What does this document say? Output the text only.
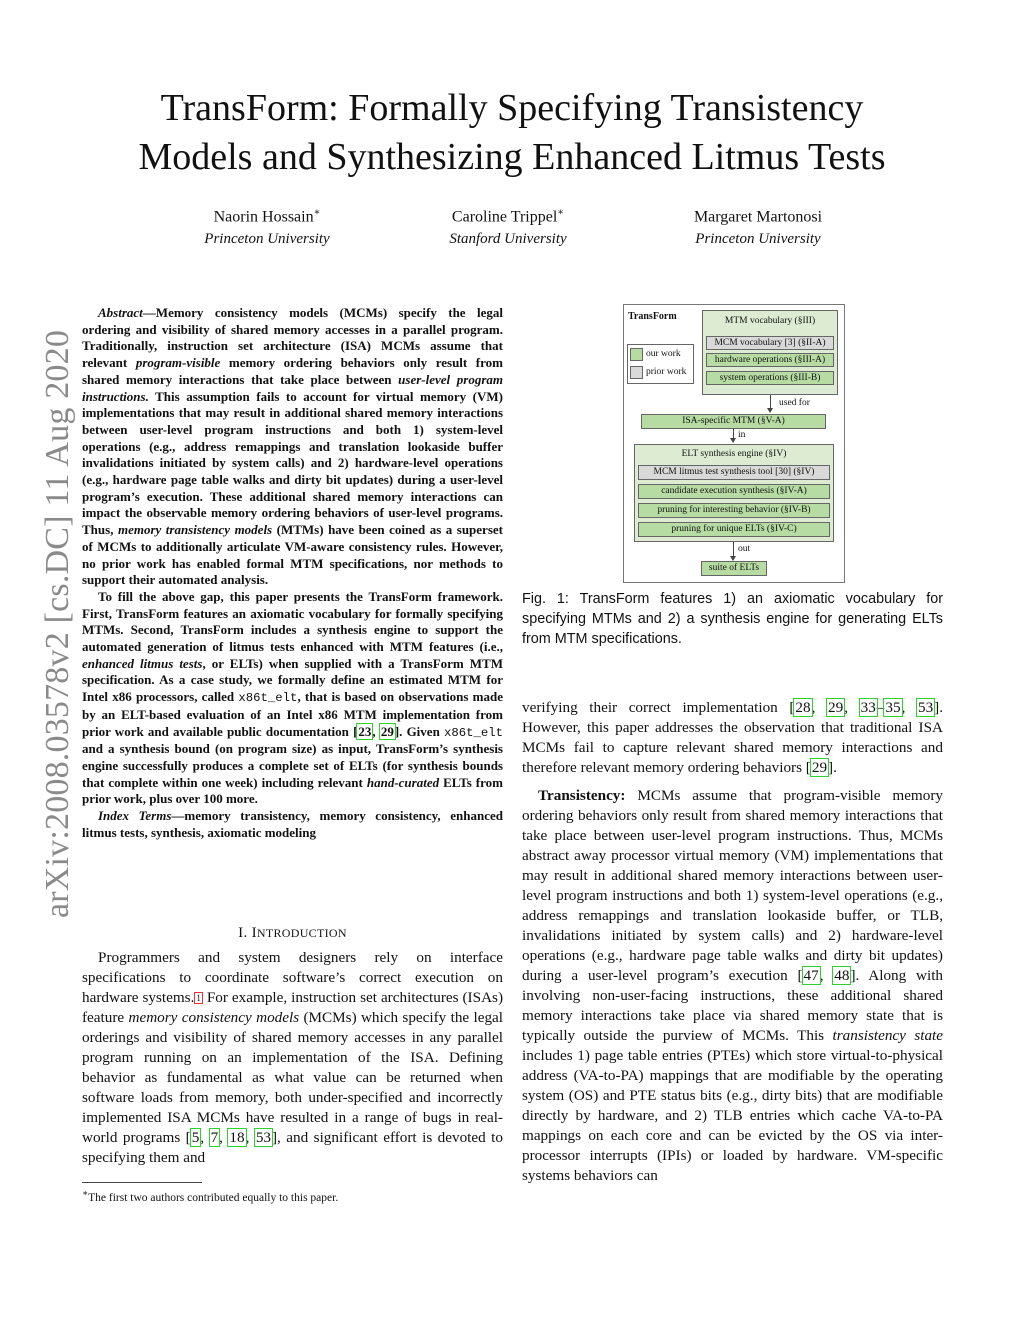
arXiv:2008.03578v2 [cs.DC] 11 Aug 2020
TransForm: Formally Specifying Transistency
Models and Synthesizing Enhanced Litmus Tests
Naorin Hossain∗
Princeton University
Caroline Trippel∗
Stanford University
Margaret Martonosi
Princeton University

Abstract—Memory consistency models (MCMs) specify the legal ordering and visibility of shared memory accesses in a parallel program. Traditionally, instruction set architecture (ISA) MCMs assume that relevant program-visible memory ordering behaviors only result from shared memory interactions that take place between user-level program instructions. This assumption fails to account for virtual memory (VM) implementations that may result in additional shared memory interactions between user-level program instructions and both 1) system-level operations (e.g., address remappings and translation lookaside buffer invalidations initiated by system calls) and 2) hardware-level operations (e.g., hardware page table walks and dirty bit updates) during a user-level program’s execution. These additional shared memory interactions can impact the observable memory ordering behaviors of user-level programs. Thus, memory transistency models (MTMs) have been coined as a superset of MCMs to additionally articulate VM-aware consistency rules. However, no prior work has enabled formal MTM specifications, nor methods to support their automated analysis.

To fill the above gap, this paper presents the TransForm framework. First, TransForm features an axiomatic vocabulary for formally specifying MTMs. Second, TransForm includes a synthesis engine to support the automated generation of litmus tests enhanced with MTM features (i.e., enhanced litmus tests, or ELTs) when supplied with a TransForm MTM specification. As a case study, we formally define an estimated MTM for Intel x86 processors, called x86t_elt, that is based on observations made by an ELT-based evaluation of an Intel x86 MTM implementation from prior work and available public documentation [23, 29]. Given x86t_elt and a synthesis bound (on program size) as input, TransForm’s synthesis engine successfully produces a complete set of ELTs (for synthesis bounds that complete within one week) including relevant hand-curated ELTs from prior work, plus over 100 more.

Index Terms—memory transistency, memory consistency, enhanced litmus tests, synthesis, axiomatic modeling

I. INTRODUCTION

Programmers and system designers rely on interface specifications to coordinate software’s correct execution on hardware systems. $^1$ For example, instruction set architectures (ISAs) feature memory consistency models (MCMs) which specify the legal orderings and visibility of shared memory accesses in any parallel program running on an implementation of the ISA. Defining behavior as fundamental as what value can be returned when software loads from memory, both under-specified and incorrectly implemented ISA MCMs have resulted in a range of bugs in real-world programs [5, 7, 18, 53], and significant effort is devoted to specifying them and

∗The first two authors contributed equally to this paper.
TransForm
our work
prior work
MTM vocabulary (§III)
MCM vocabulary [3] (§II-A)
hardware operations (§III-A)
system operations (§III-B)
used for
ISA-specific MTM (§V-A)
in
ELT synthesis engine (§IV)
MCM litmus test synthesis tool [30] (§IV)
candidate execution synthesis (§IV-A)
pruning for interesting behavior (§IV-B)
pruning for unique ELTs (§IV-C)
out
suite of ELTs
Fig. 1: TransForm features 1) an axiomatic vocabulary for specifying MTMs and 2) a synthesis engine for generating ELTs from MTM specifications.

verifying their correct implementation [28, 29, 33–35, 53]. However, this paper addresses the observation that traditional ISA MCMs fail to capture relevant shared memory interactions and therefore relevant memory ordering behaviors [29].

Transistency: MCMs assume that program-visible memory ordering behaviors only result from shared memory interactions that take place between user-level program instructions. Thus, MCMs abstract away processor virtual memory (VM) implementations that may result in additional shared memory interactions between user-level program instructions and both 1) system-level operations (e.g., address remappings and translation lookaside buffer, or TLB, invalidations initiated by system calls) and 2) hardware-level operations (e.g., hardware page table walks and dirty bit updates) during a user-level program’s execution [47, 48]. Along with involving non-user-facing instructions, these additional shared memory interactions take place via shared memory state that is typically outside the purview of MCMs. This transistency state includes 1) page table entries (PTEs) which store virtual-to-physical address (VA-to-PA) mappings that are modifiable by the operating system (OS) and PTE status bits (e.g., dirty bits) that are modifiable directly by hardware, and 2) TLB entries which cache VA-to-PA mappings on each core and can be evicted by the OS via inter-processor interrupts (IPIs) or loaded by hardware. VM-specific systems behaviors can
